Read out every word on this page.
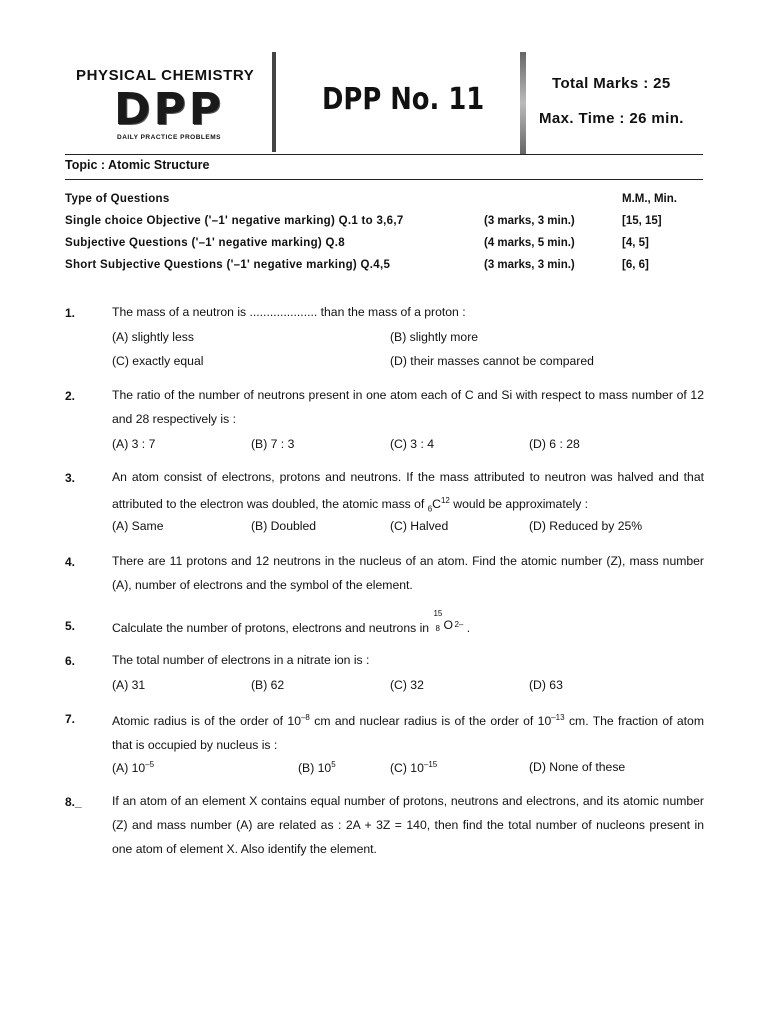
PHYSICAL CHEMISTRY
DPP
DAILY PRACTICE PROBLEMS
DPP No. 11	Total Marks : 25
Max. Time : 26 min.
Topic : Atomic Structure
Type of Questions	M.M., Min.
Single choice Objective ('–1' negative marking) Q.1 to 3,6,7	(3 marks, 3 min.)	[15, 15]
Subjective Questions ('–1' negative marking) Q.8	(4 marks, 5 min.)	[4, 5]
Short Subjective Questions ('–1' negative marking) Q.4,5	(3 marks, 3 min.)	[6, 6]
1.	The mass of a neutron is .................... than the mass of a proton :
(A) slightly less	(B) slightly more
(C) exactly equal	(D) their masses cannot be compared
2.	The ratio of the number of neutrons present in one atom each of C and Si with respect to mass number of 12 and 28 respectively is :
(A) 3 : 7	(B) 7 : 3	(C) 3 : 4	(D) 6 : 28
3.	An atom consist of electrons, protons and neutrons. If the mass attributed to neutron was halved and that attributed to the electron was doubled, the atomic mass of $_6C^{12}$ would be approximately :
(A) Same	(B) Doubled	(C) Halved	(D) Reduced by 25%
4.	There are 11 protons and 12 neutrons in the nucleus of an atom. Find the atomic number (Z), mass number (A), number of electrons and the symbol of the element.
5.	Calculate the number of protons, electrons and neutrons in
15
8 O $^{2-}$ .
6.	The total number of electrons in a nitrate ion is :
(A) 31	(B) 62	(C) 32	(D) 63
7.	Atomic radius is of the order of $10^{-8}$ cm and nuclear radius is of the order of $10^{-13}$ cm. The fraction of atom that is occupied by nucleus is :
(A) $10^{-5}$	(B) $10^5$	(C) $10^{-15}$	(D) None of these
8._ If an atom of an element X contains equal number of protons, neutrons and electrons, and its atomic number (Z) and mass number (A) are related as : 2A + 3Z = 140, then find the total number of nucleons present in one atom of element X. Also identify the element.
